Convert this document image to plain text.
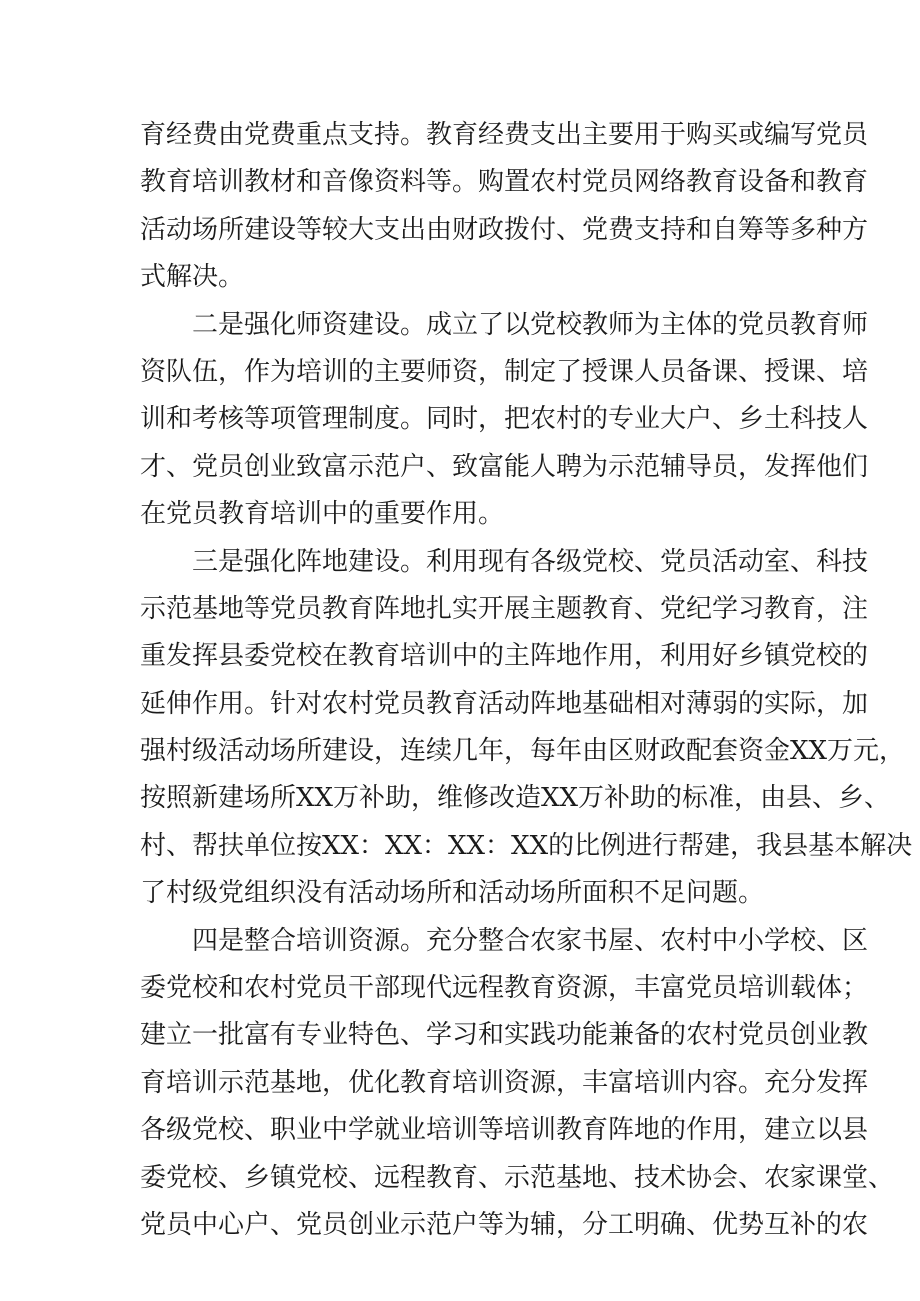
育经费由党费重点支持。教育经费支出主要用于购买或编写党员
教育培训教材和音像资料等。购置农村党员网络教育设备和教育
活动场所建设等较大支出由财政拨付、党费支持和自筹等多种方
式解决。
二是强化师资建设。成立了以党校教师为主体的党员教育师
资队伍，作为培训的主要师资，制定了授课人员备课、授课、培
训和考核等项管理制度。同时，把农村的专业大户、乡土科技人
才、党员创业致富示范户、致富能人聘为示范辅导员，发挥他们
在党员教育培训中的重要作用。
三是强化阵地建设。利用现有各级党校、党员活动室、科技
示范基地等党员教育阵地扎实开展主题教育、党纪学习教育，注
重发挥县委党校在教育培训中的主阵地作用，利用好乡镇党校的
延伸作用。针对农村党员教育活动阵地基础相对薄弱的实际，加
强村级活动场所建设，连续几年，每年由区财政配套资金XX万元，
按照新建场所XX万补助，维修改造XX万补助的标准，由县、乡、
村、帮扶单位按XX：XX：XX：XX的比例进行帮建，我县基本解决
了村级党组织没有活动场所和活动场所面积不足问题。
四是整合培训资源。充分整合农家书屋、农村中小学校、区
委党校和农村党员干部现代远程教育资源，丰富党员培训载体；
建立一批富有专业特色、学习和实践功能兼备的农村党员创业教
育培训示范基地，优化教育培训资源，丰富培训内容。充分发挥
各级党校、职业中学就业培训等培训教育阵地的作用，建立以县
委党校、乡镇党校、远程教育、示范基地、技术协会、农家课堂、
党员中心户、党员创业示范户等为辅，分工明确、优势互补的农
